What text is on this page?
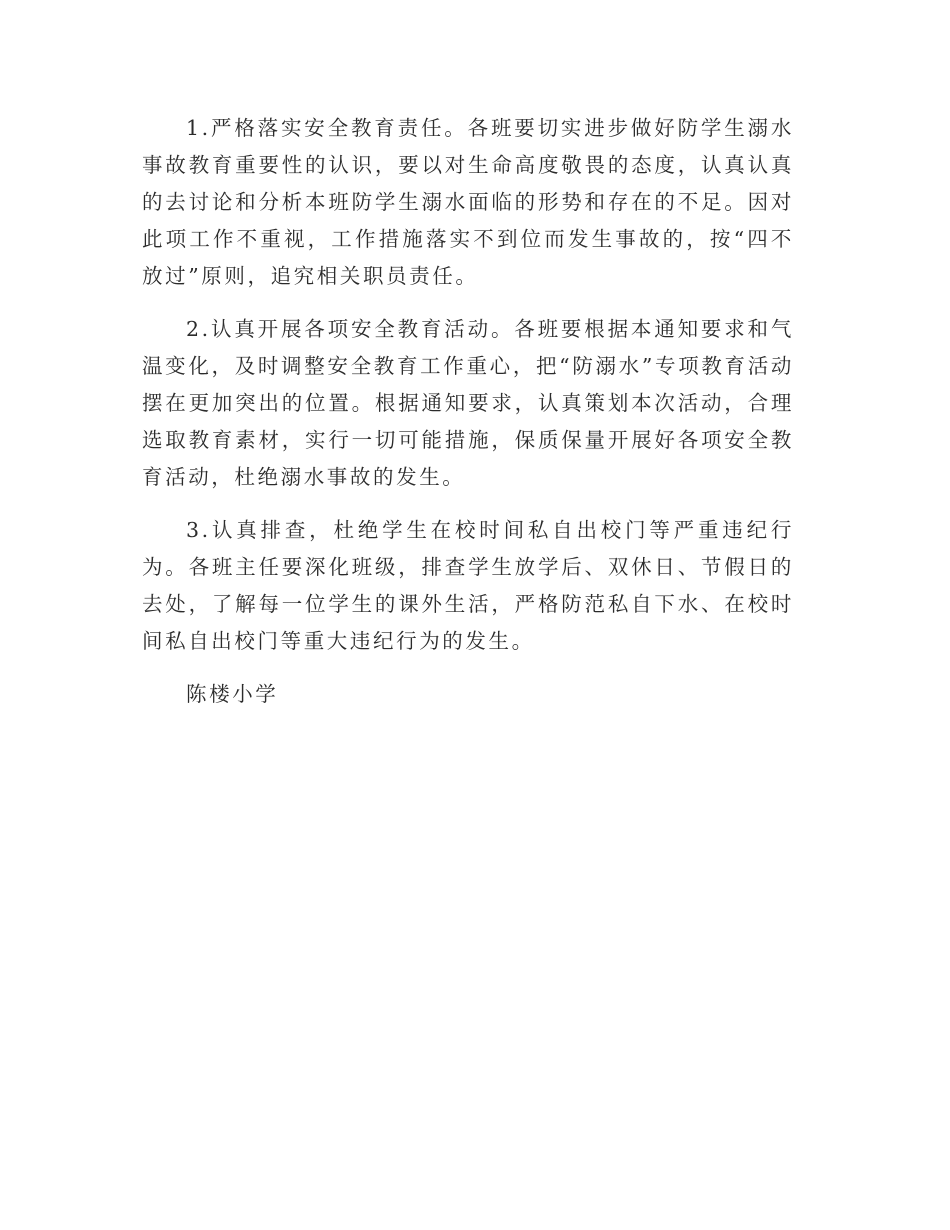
1.严格落实安全教育责任。各班要切实进步做好防学生溺水事故教育重要性的认识，要以对生命高度敬畏的态度，认真认真的去讨论和分析本班防学生溺水面临的形势和存在的不足。因对此项工作不重视，工作措施落实不到位而发生事故的，按“四不放过”原则，追究相关职员责任。

2.认真开展各项安全教育活动。各班要根据本通知要求和气温变化，及时调整安全教育工作重心，把“防溺水”专项教育活动摆在更加突出的位置。根据通知要求，认真策划本次活动，合理选取教育素材，实行一切可能措施，保质保量开展好各项安全教育活动，杜绝溺水事故的发生。

3.认真排查，杜绝学生在校时间私自出校门等严重违纪行为。各班主任要深化班级，排查学生放学后、双休日、节假日的去处，了解每一位学生的课外生活，严格防范私自下水、在校时间私自出校门等重大违纪行为的发生。

陈楼小学
